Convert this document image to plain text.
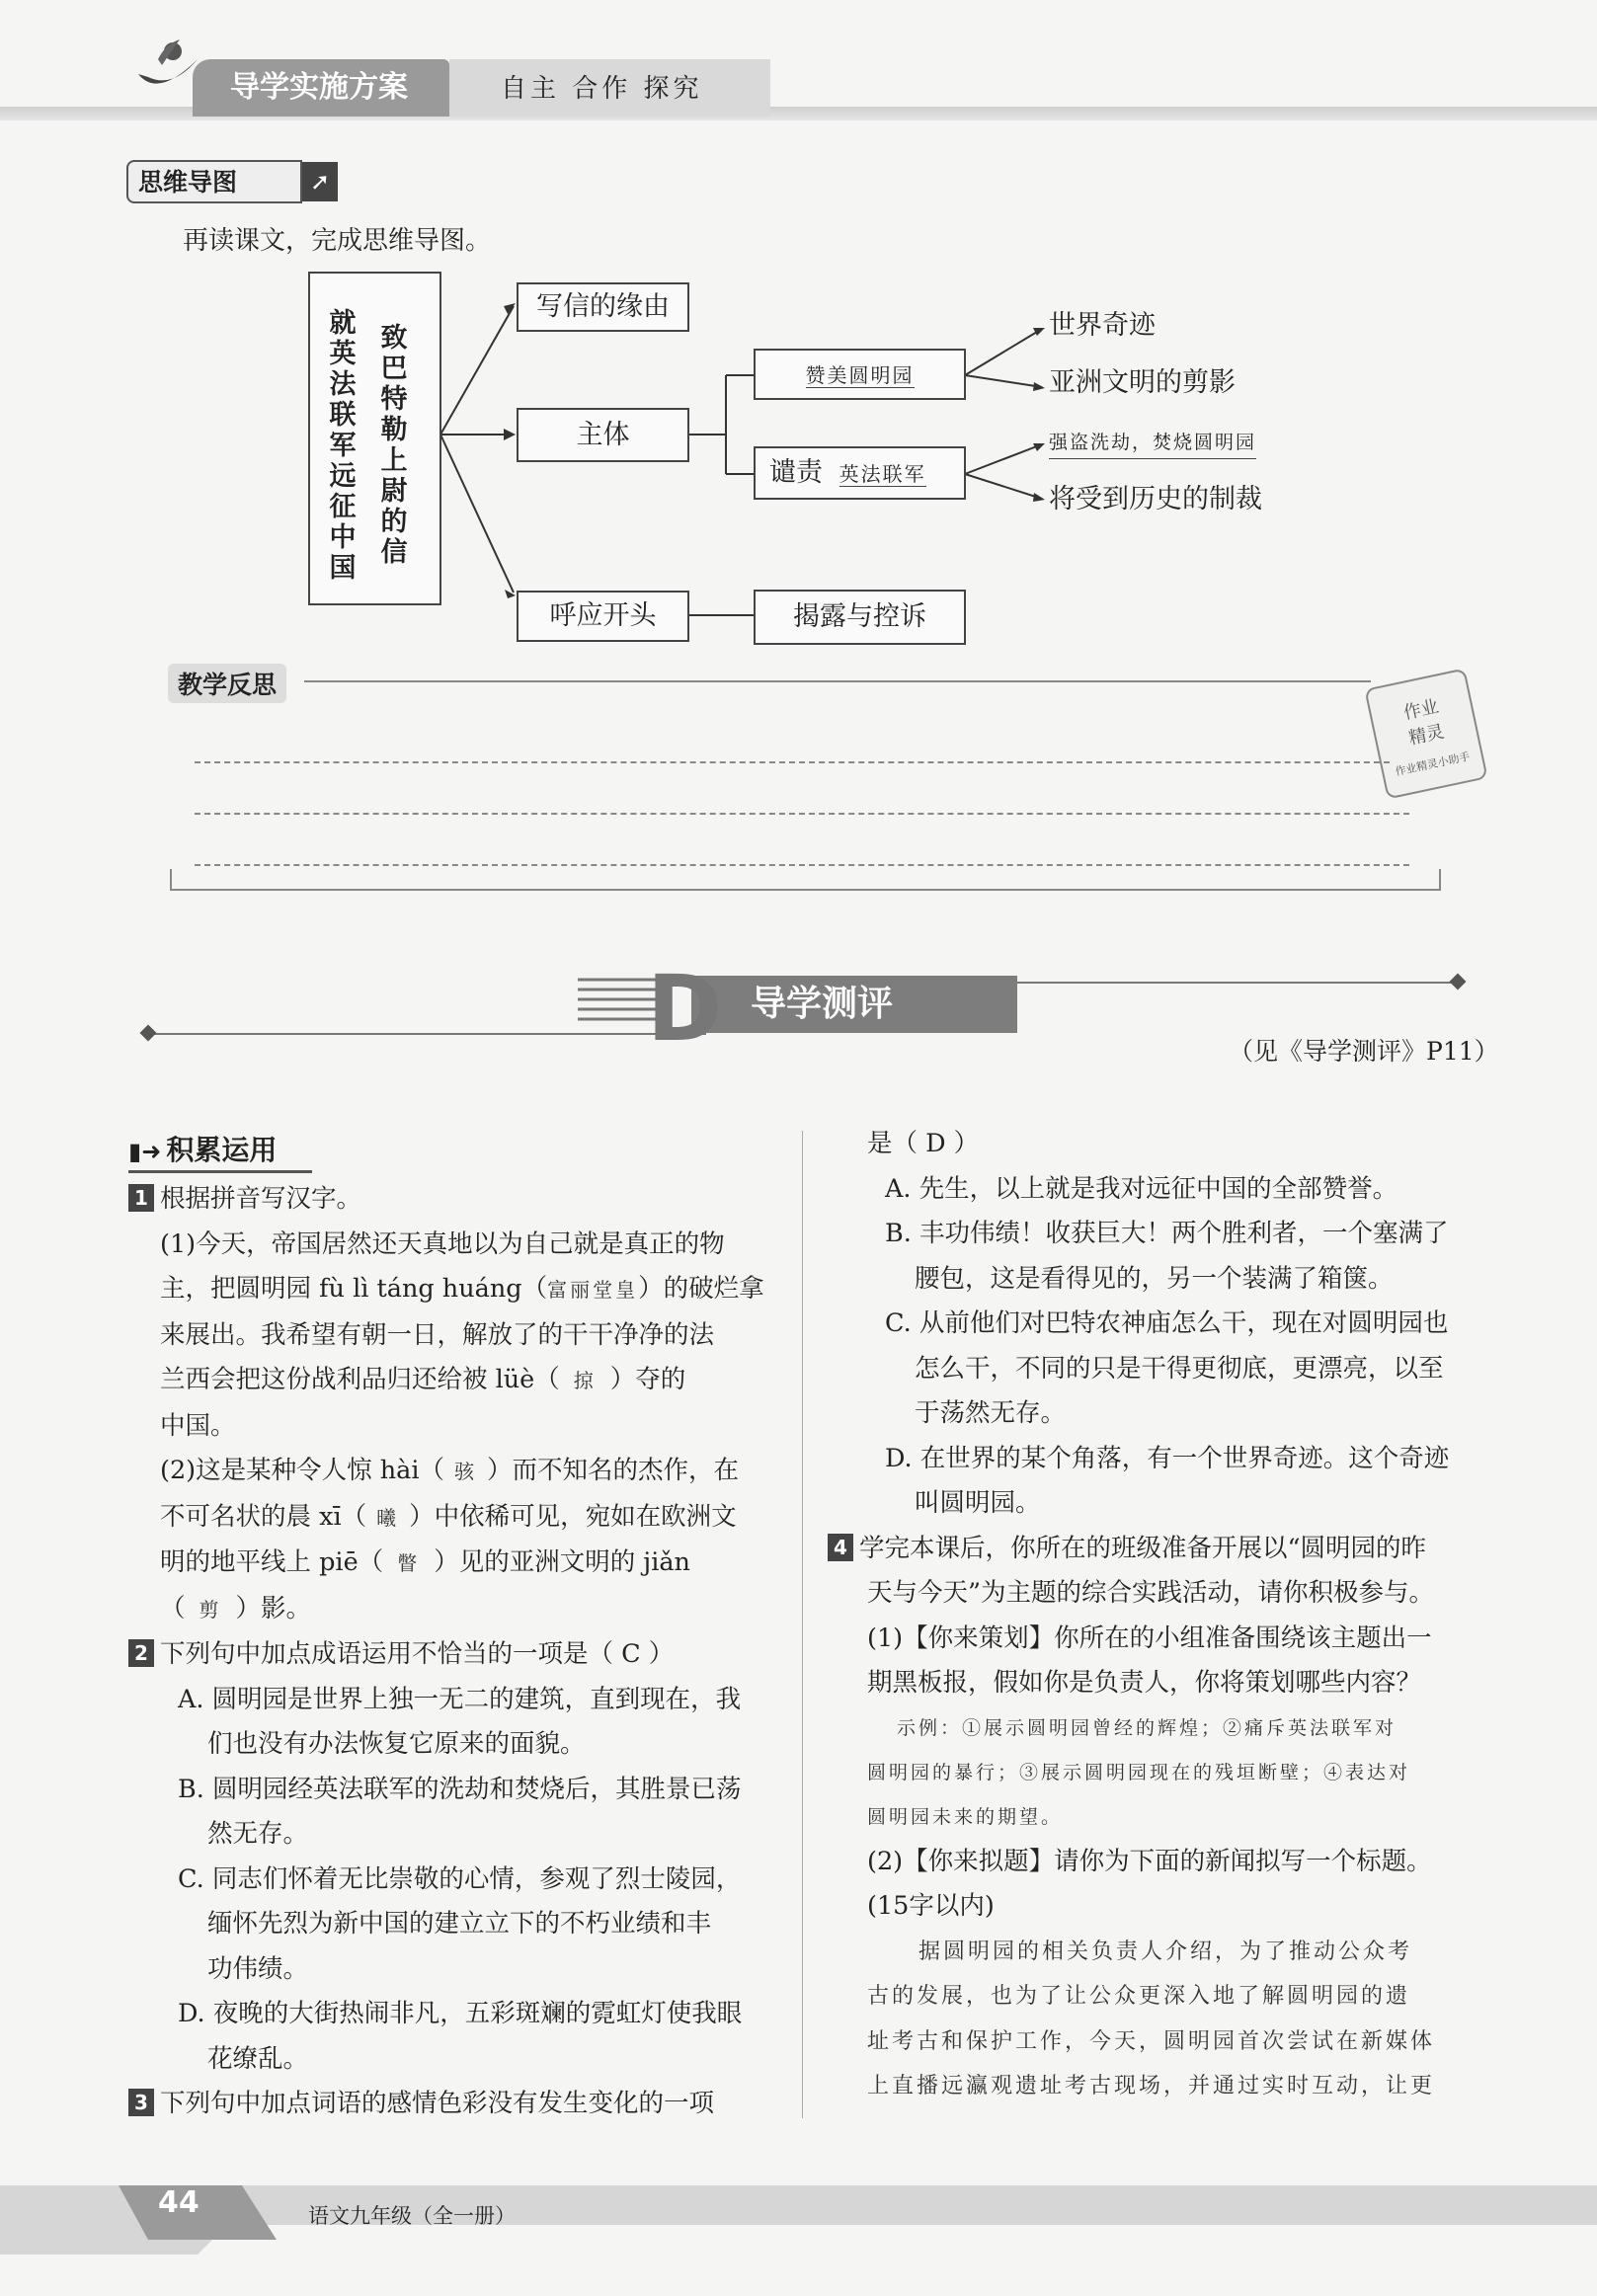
导学实施方案	自主 合作 探究
思维导图	➚
再读课文，完成思维导图。
就英法联军远征中国
致巴特勒上尉的信
写信的缘由
主体
呼应开头	揭露与控诉
赞美圆明园
谴责 英法联军
世界奇迹
亚洲文明的剪影
强盗洗劫，焚烧圆明园
将受到历史的制裁
教学反思
作业
精灵
作业精灵小助手
导学测评
D	（见《导学测评》P11）
▮➜ 积累运用
1 根据拼音写汉字。
(1)今天，帝国居然还天真地以为自己就是真正的物
主，把圆明园 fù lì táng huáng（富丽堂皇）的破烂拿
来展出。我希望有朝一日，解放了的干干净净的法
兰西会把这份战利品归还给被 lüè（ 掠 ）夺的
中国。
(2)这是某种令人惊 hài（ 骇 ）而不知名的杰作，在
不可名状的晨 xī（ 曦 ）中依稀可见，宛如在欧洲文
明的地平线上 piē（ 瞥 ）见的亚洲文明的 jiǎn
（ 剪 ）影。
2 下列句中加点成语运用不恰当的一项是（ C ）
A. 圆明园是世界上独一无二的建筑，直到现在，我
们也没有办法恢复它原来的面貌。
B. 圆明园经英法联军的洗劫和焚烧后，其胜景已荡
然无存。
C. 同志们怀着无比崇敬的心情，参观了烈士陵园，
缅怀先烈为新中国的建立立下的不朽业绩和丰
功伟绩。
D. 夜晚的大街热闹非凡，五彩斑斓的霓虹灯使我眼
花缭乱。
3 下列句中加点词语的感情色彩没有发生变化的一项
是（ D ）
A. 先生，以上就是我对远征中国的全部赞誉。
B. 丰功伟绩！收获巨大！两个胜利者，一个塞满了
腰包，这是看得见的，另一个装满了箱箧。
C. 从前他们对巴特农神庙怎么干，现在对圆明园也
怎么干，不同的只是干得更彻底，更漂亮，以至
于荡然无存。
D. 在世界的某个角落，有一个世界奇迹。这个奇迹
叫圆明园。
4 学完本课后，你所在的班级准备开展以“圆明园的昨
天与今天”为主题的综合实践活动，请你积极参与。
(1)【你来策划】你所在的小组准备围绕该主题出一
期黑板报，假如你是负责人，你将策划哪些内容？
示例：①展示圆明园曾经的辉煌；②痛斥英法联军对
圆明园的暴行；③展示圆明园现在的残垣断壁；④表达对
圆明园未来的期望。
(2)【你来拟题】请你为下面的新闻拟写一个标题。
(15字以内)
据圆明园的相关负责人介绍，为了推动公众考
古的发展，也为了让公众更深入地了解圆明园的遗
址考古和保护工作，今天，圆明园首次尝试在新媒体
上直播远瀛观遗址考古现场，并通过实时互动，让更
44	语文九年级（全一册）
